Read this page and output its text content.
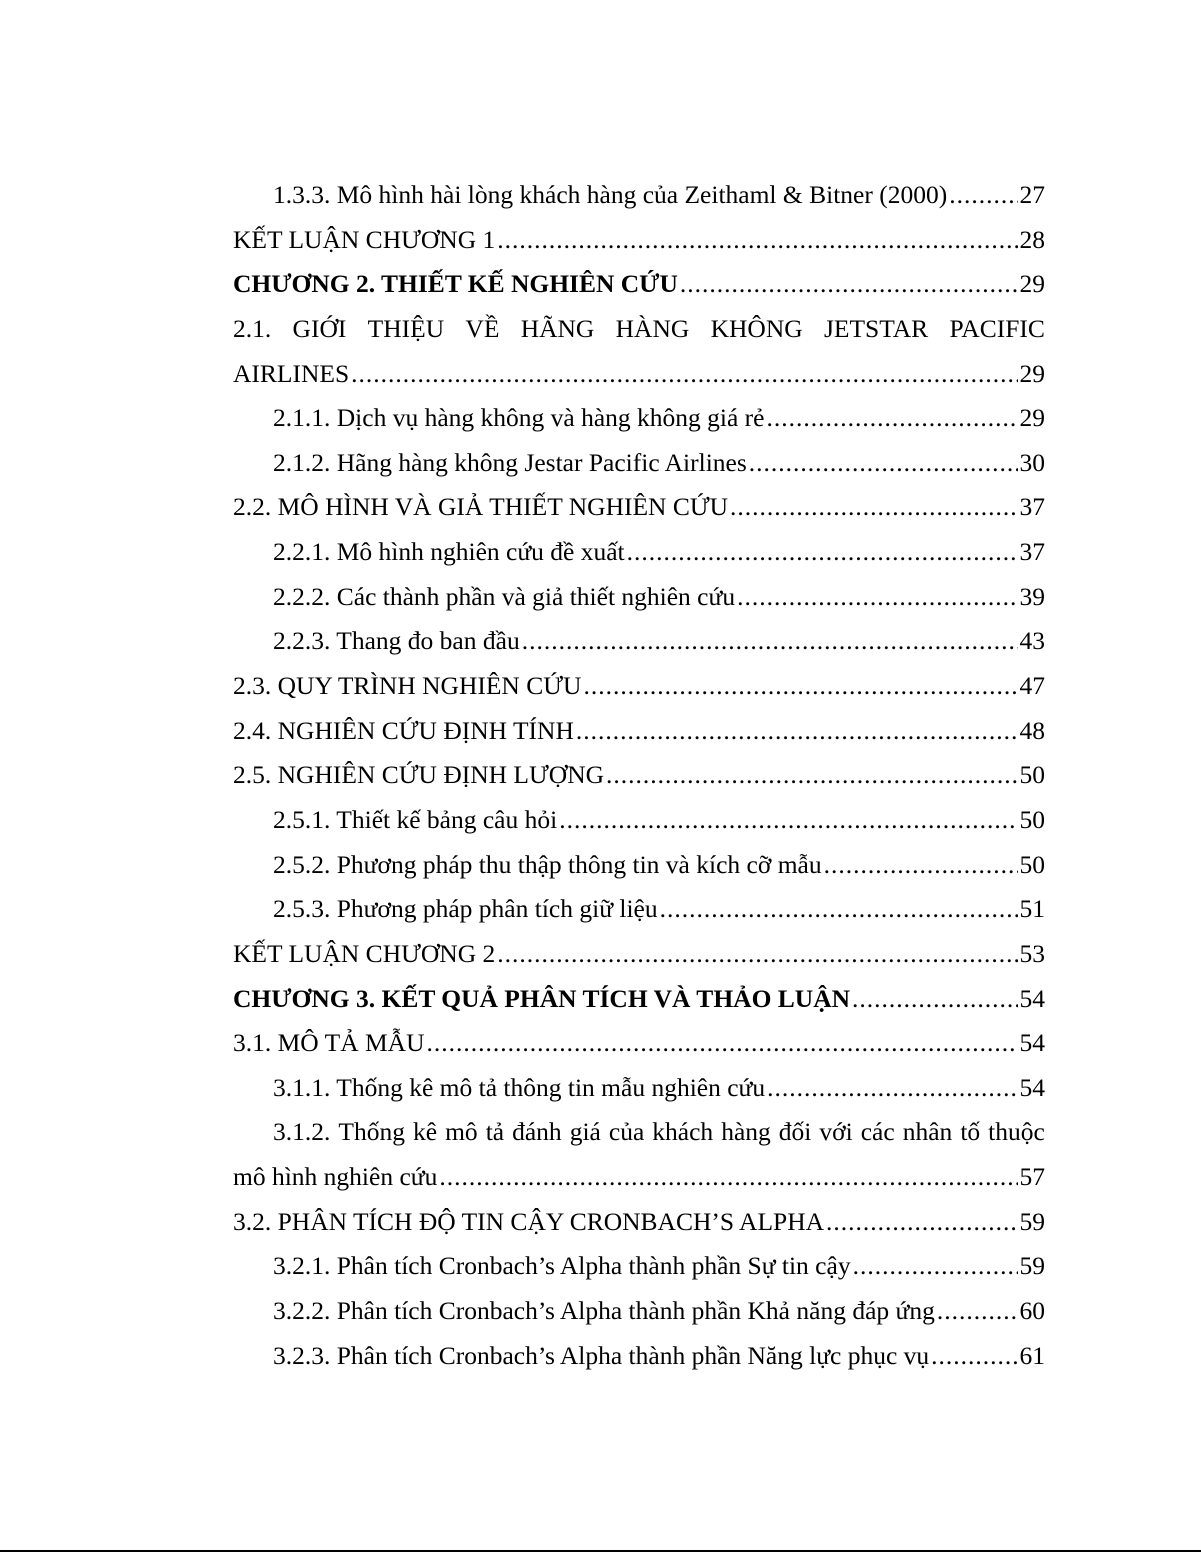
1.3.3. Mô hình hài lòng khách hàng của Zeithaml & Bitner (2000) .....	27
KẾT LUẬN CHƯƠNG 1 .....	28
CHƯƠNG 2. THIẾT KẾ NGHIÊN CỨU .....	29
2.1. GIỚI THIỆU VỀ HÃNG HÀNG KHÔNG JETSTAR PACIFIC
AIRLINES .....	29
2.1.1. Dịch vụ hàng không và hàng không giá rẻ .....	29
2.1.2. Hãng hàng không Jestar Pacific Airlines .....	30
2.2. MÔ HÌNH VÀ GIẢ THIẾT NGHIÊN CỨU .....	37
2.2.1. Mô hình nghiên cứu đề xuất .....	37
2.2.2. Các thành phần và giả thiết nghiên cứu .....	39
2.2.3. Thang đo ban đầu .....	43
2.3. QUY TRÌNH NGHIÊN CỨU .....	47
2.4. NGHIÊN CỨU ĐỊNH TÍNH .....	48
2.5. NGHIÊN CỨU ĐỊNH LƯỢNG .....	50
2.5.1. Thiết kế bảng câu hỏi .....	50
2.5.2. Phương pháp thu thập thông tin và kích cỡ mẫu .....	50
2.5.3. Phương pháp phân tích giữ liệu .....	51
KẾT LUẬN CHƯƠNG 2 .....	53
CHƯƠNG 3. KẾT QUẢ PHÂN TÍCH VÀ THẢO LUẬN .....	54
3.1. MÔ TẢ MẪU .....	54
3.1.1. Thống kê mô tả thông tin mẫu nghiên cứu .....	54
3.1.2. Thống kê mô tả đánh giá của khách hàng đối với các nhân tố thuộc
mô hình nghiên cứu .....	57
3.2. PHÂN TÍCH ĐỘ TIN CẬY CRONBACH’S ALPHA .....	59
3.2.1. Phân tích Cronbach’s Alpha thành phần Sự tin cậy .....	59
3.2.2. Phân tích Cronbach’s Alpha thành phần Khả năng đáp ứng .....	60
3.2.3. Phân tích Cronbach’s Alpha thành phần Năng lực phục vụ .....	61
